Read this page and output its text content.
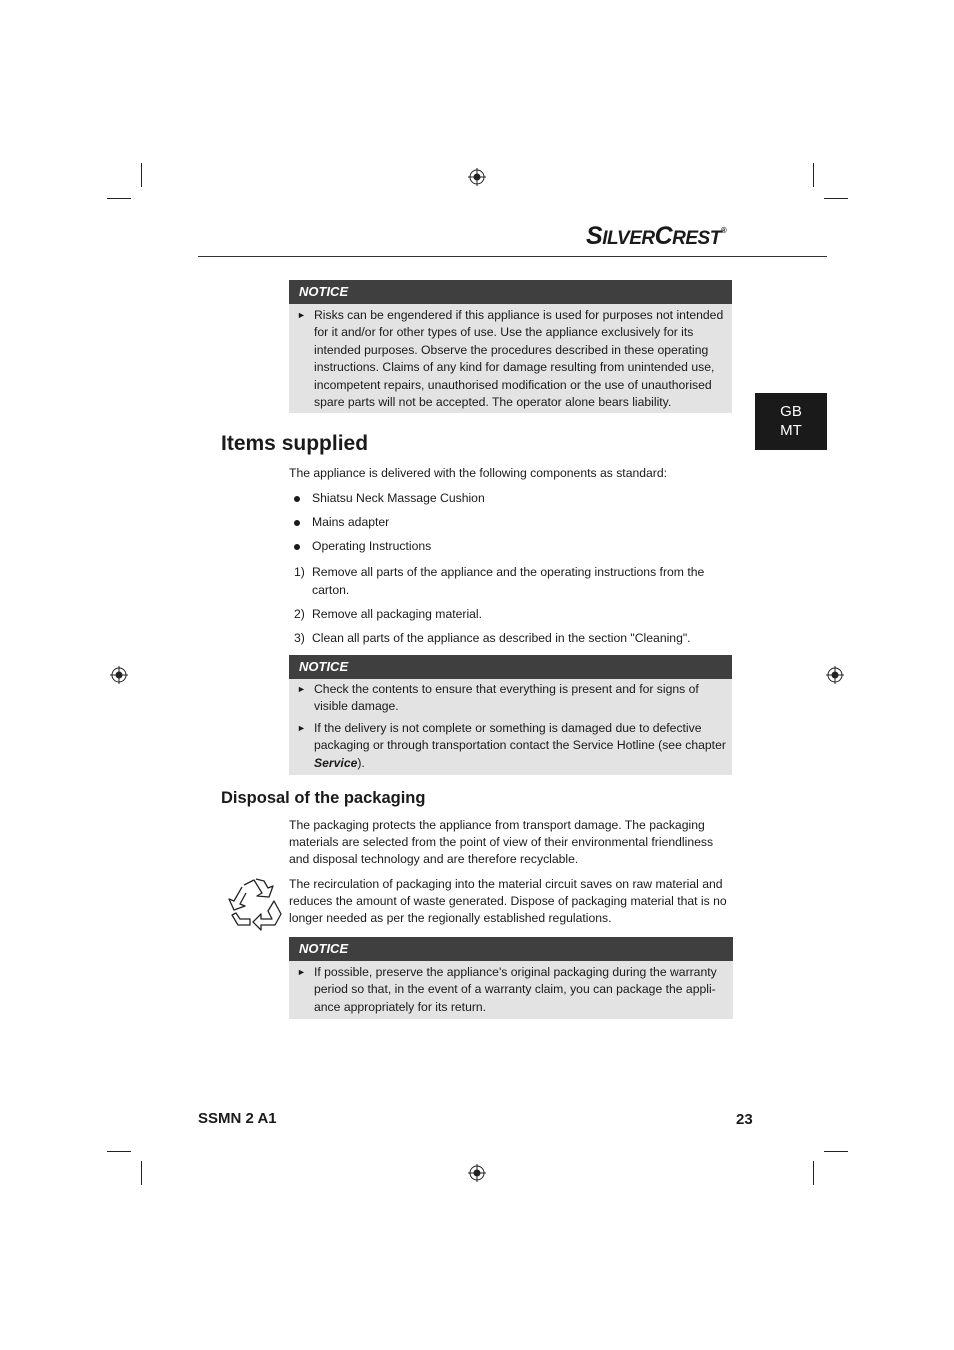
SILVERCREST®
GB
MT
NOTICE
► Risks can be engendered if this appliance is used for purposes not intended for it and/or for other types of use. Use the appliance exclusively for its intended purposes. Observe the procedures described in these operating instructions. Claims of any kind for damage resulting from unintended use, incompetent repairs, unauthorised modification or the use of unauthorised spare parts will not be accepted. The operator alone bears liability.
Items supplied
The appliance is delivered with the following components as standard:
Shiatsu Neck Massage Cushion
Mains adapter
Operating Instructions
1) Remove all parts of the appliance and the operating instructions from the carton.
2) Remove all packaging material.
3) Clean all parts of the appliance as described in the section "Cleaning".
NOTICE
► Check the contents to ensure that everything is present and for signs of visible damage.
► If the delivery is not complete or something is damaged due to defective packaging or through transportation contact the Service Hotline (see chapter Service).
Disposal of the packaging
The packaging protects the appliance from transport damage. The packaging materials are selected from the point of view of their environmental friendliness and disposal technology and are therefore recyclable.
The recirculation of packaging into the material circuit saves on raw material and reduces the amount of waste generated. Dispose of packaging material that is no longer needed as per the regionally established regulations.
NOTICE
► If possible, preserve the appliance's original packaging during the warranty period so that, in the event of a warranty claim, you can package the appli-ance appropriately for its return.
SSMN 2 A1	23
